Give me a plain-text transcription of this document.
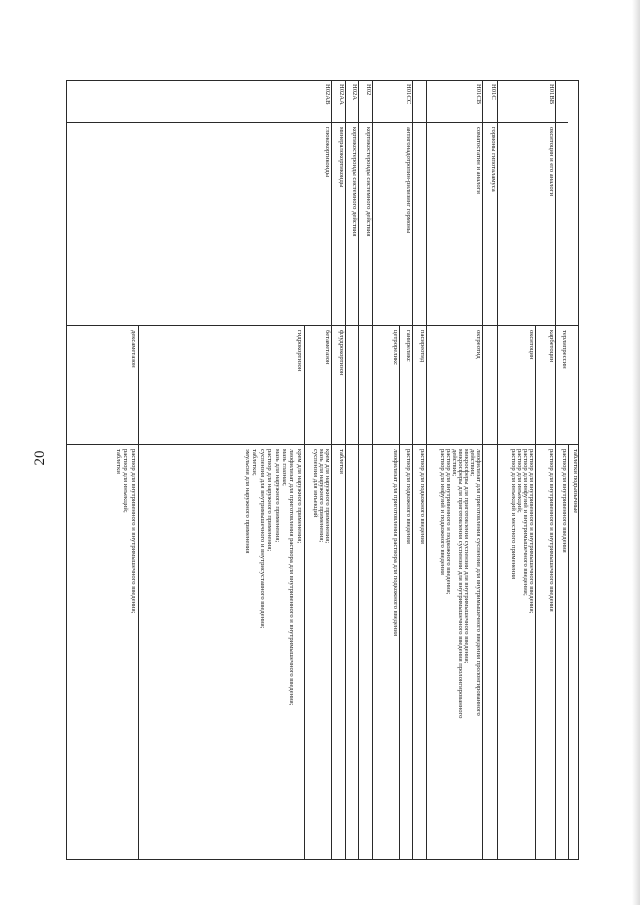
20	таблетки подъязычные
терлипрессин
раствор для внутривенного введения
H01BB
окситоцин и его аналоги
карбетоцин
раствор для внутривенного и внутримышечного введения
окситоцин
раствор для внутривенного и внутримышечного введения;
раствор для инфузий и внутримышечного введения;
раствор для инъекций;
раствор для инъекций и местного применения
H01C
гормоны гипоталамуса
H01CB
соматостатин и аналоги
октреотид
лиофилизат для приготовления суспензии для внутримышечного введения пролонгированного
действия;
микросферы для приготовления суспензии для внутримышечного введения;
микросферы для приготовления суспензии для внутримышечного введения пролонгированного
действия;
раствор для внутривенного и подкожного введения;
раствор для инфузий и подкожного введения
пасиреотид
раствор для подкожного введения
H01CC
антигонадотропин-рилизинг гормоны
ганиреликс
раствор для подкожного введения
цетрореликс
лиофилизат для приготовления раствора для подкожного введения
H02
кортикостероиды системного действия
H02A
кортикостероиды системного действия
H02AA
минералокортикоиды
флудрокортизон
таблетки
H02AB
глюкокортикоиды
бетаметазон
крем для наружного применения;
мазь для наружного применения;
суспензия для инъекций
гидрокортизон
крем для наружного применения;
лиофилизат для приготовления раствора для внутривенного и внутримышечного введения;
мазь глазная;
мазь для наружного применения;
раствор для наружного применения;
суспензия для внутримышечного и внутрисуставного введения;
таблетки;
эмульсия для наружного применения
дексаметазон
раствор для внутривенного и внутримышечного введения;
раствор для инъекций;
таблетки
